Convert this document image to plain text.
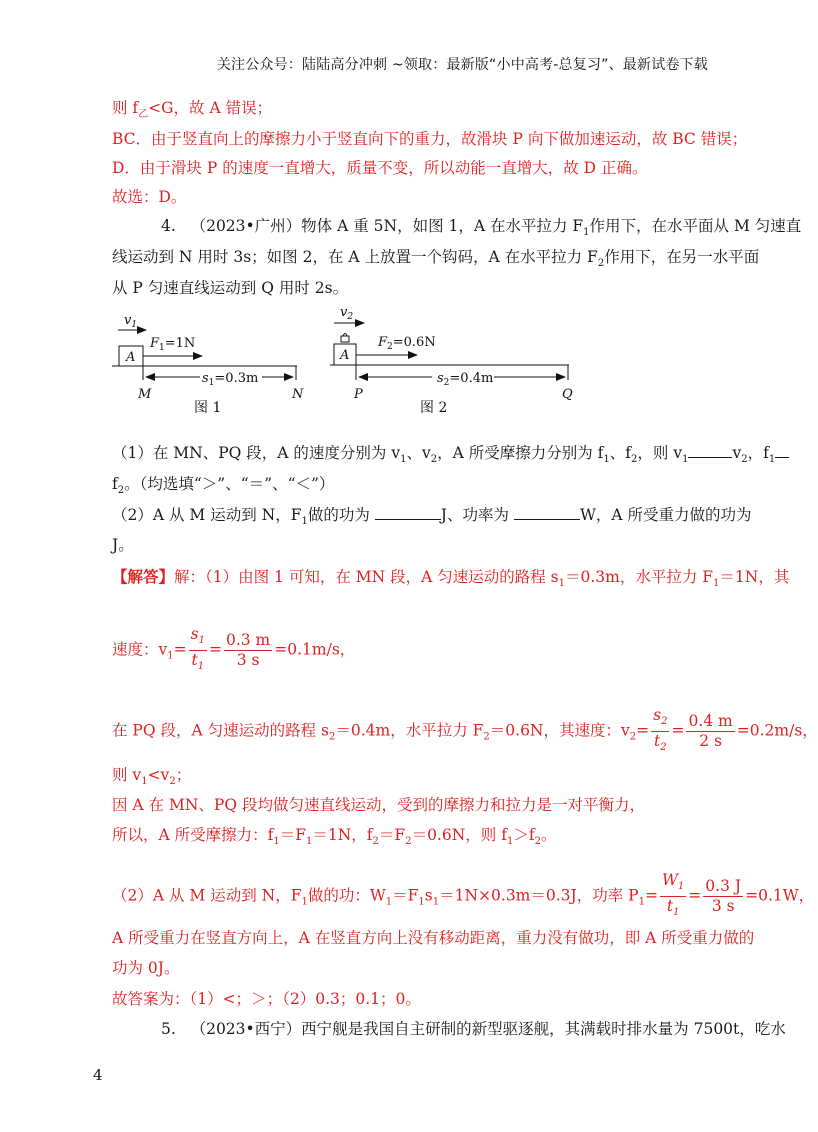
关注公众号：陆陆高分冲刺 ~领取：最新版“小中高考-总复习”、最新试卷下载
则 $f_乙<G$，故 A 错误；
BC．由于竖直向上的摩擦力小于竖直向下的重力，故滑块 P 向下做加速运动，故 BC 错误；
D．由于滑块 P 的速度一直增大，质量不变，所以动能一直增大，故 D 正确。
故选：D。
4. （2023•广州）物体 A 重 5N，如图 1，A 在水平拉力 $F_1$作用下，在水平面从 M 匀速直
线运动到 N 用时 3s；如图 2，在 A 上放置一个钩码，A 在水平拉力 $F_2$作用下，在另一水平面
从 P 匀速直线运动到 Q 用时 2s。
$v_1$
A
$F_1=1N$
$s_1=0.3m$
M	N
图 1
$v_2$
A
$F_2=0.6N$
$s_2=0.4m$
P	Q
图 2
（1）在 MN、PQ 段，A 的速度分别为 $v_1$、$v_2$，A 所受摩擦力分别为 $f_1$、$f_2$，则 $v_1$	$v_2$，$f_1$
$f_2$。（均选填“＞”、“＝”、“＜”）
（2）A 从 M 运动到 N，$F_1$做的功为	J、功率为	W，A 所受重力做的功为
J。
【解答】解：（1）由图 1 可知，在 MN 段，A 匀速运动的路程 $s_1=0.3m$，水平拉力 $F_1=1N$，其
速度：$v_1= \frac{s_1}{t_1} = \frac{0.3 m}{3 s} =0.1m/s$，
在 PQ 段，A 匀速运动的路程 $s_2=0.4m$，水平拉力 $F_2=0.6N$，其速度：$v_2= \frac{s_2}{t_2} = \frac{0.4 m}{2 s} =0.2m/s$，
则 $v_1<v_2$；
因 A 在 MN、PQ 段均做匀速直线运动，受到的摩擦力和拉力是一对平衡力，
所以，A 所受摩擦力：$f_1=F_1=1N$，$f_2=F_2=0.6N$，则 $f_1>f_2$。
（2）A 从 M 运动到 N，$F_1$做的功：$W_1=F_1s_1=1N\times 0.3m=0.3J$，功率 $P_1= \frac{W_1}{t_1} = \frac{0.3 J}{3 s} =0.1W$，
A 所受重力在竖直方向上，A 在竖直方向上没有移动距离，重力没有做功，即 A 所受重力做的
功为 0J。
故答案为：（1）<；＞；（2）0.3；0.1；0。
5. （2023•西宁）西宁舰是我国自主研制的新型驱逐舰，其满载时排水量为 7500t，吃水
4
